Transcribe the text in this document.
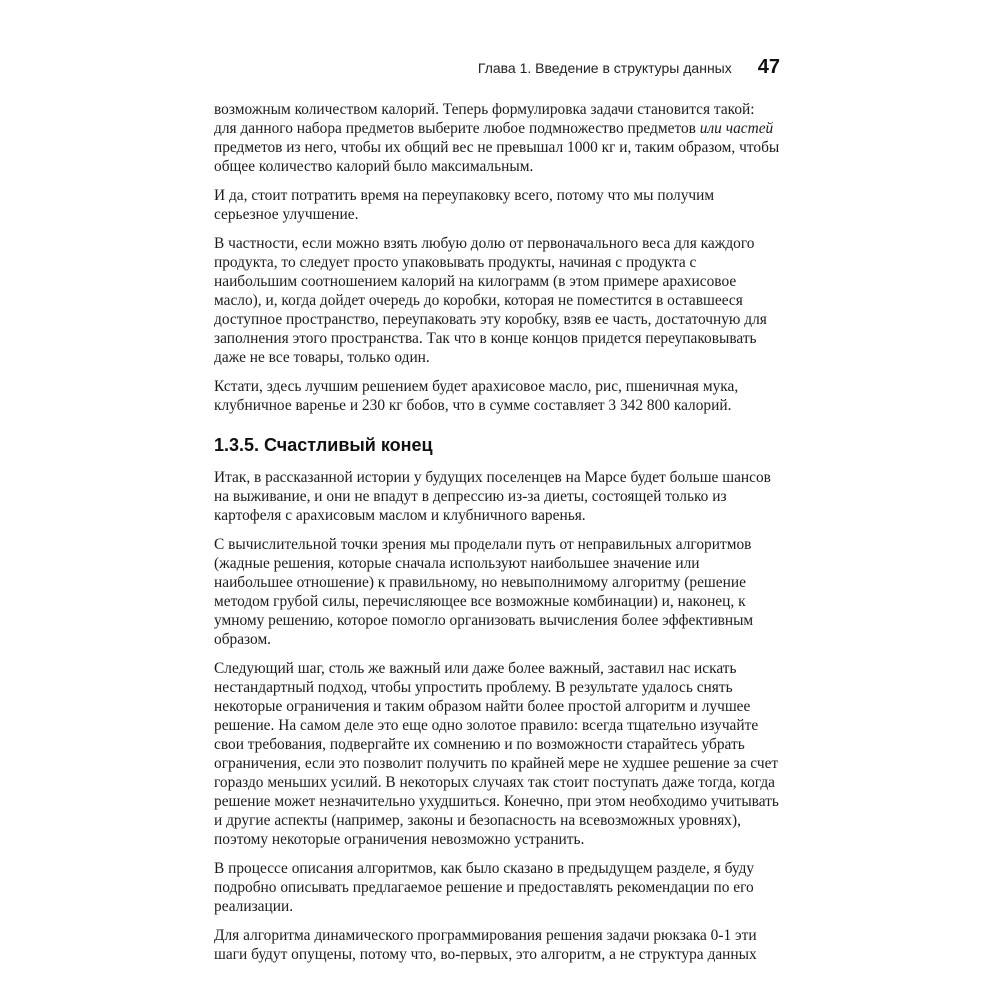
Глава 1. Введение в структуры данных 47

возможным количеством калорий. Теперь формулировка задачи становится такой: для данного набора предметов выберите любое подмножество предметов или частей предметов из него, чтобы их общий вес не превышал 1000 кг и, таким образом, чтобы общее количество калорий было максимальным.

И да, стоит потратить время на переупаковку всего, потому что мы получим серьезное улучшение.

В частности, если можно взять любую долю от первоначального веса для каждого продукта, то следует просто упаковывать продукты, начиная с продукта с наибольшим соотношением калорий на килограмм (в этом примере арахисовое масло), и, когда дойдет очередь до коробки, которая не поместится в оставшееся доступное пространство, переупаковать эту коробку, взяв ее часть, достаточную для заполнения этого пространства. Так что в конце концов придется переупаковывать даже не все товары, только один.

Кстати, здесь лучшим решением будет арахисовое масло, рис, пшеничная мука, клубничное варенье и 230 кг бобов, что в сумме составляет 3 342 800 калорий.

1.3.5. Счастливый конец

Итак, в рассказанной истории у будущих поселенцев на Марсе будет больше шансов на выживание, и они не впадут в депрессию из-за диеты, состоящей только из картофеля с арахисовым маслом и клубничного варенья.

С вычислительной точки зрения мы проделали путь от неправильных алгоритмов (жадные решения, которые сначала используют наибольшее значение или наибольшее отношение) к правильному, но невыполнимому алгоритму (решение методом грубой силы, перечисляющее все возможные комбинации) и, наконец, к умному решению, которое помогло организовать вычисления более эффективным образом.

Следующий шаг, столь же важный или даже более важный, заставил нас искать нестандартный подход, чтобы упростить проблему. В результате удалось снять некоторые ограничения и таким образом найти более простой алгоритм и лучшее решение. На самом деле это еще одно золотое правило: всегда тщательно изучайте свои требования, подвергайте их сомнению и по возможности старайтесь убрать ограничения, если это позволит получить по крайней мере не худшее решение за счет гораздо меньших усилий. В некоторых случаях так стоит поступать даже тогда, когда решение может незначительно ухудшиться. Конечно, при этом необходимо учитывать и другие аспекты (например, законы и безопасность на всевозможных уровнях), поэтому некоторые ограничения невозможно устранить.

В процессе описания алгоритмов, как было сказано в предыдущем разделе, я буду подробно описывать предлагаемое решение и предоставлять рекомендации по его реализации.

Для алгоритма динамического программирования решения задачи рюкзака 0-1 эти шаги будут опущены, потому что, во-первых, это алгоритм, а не структура данных
